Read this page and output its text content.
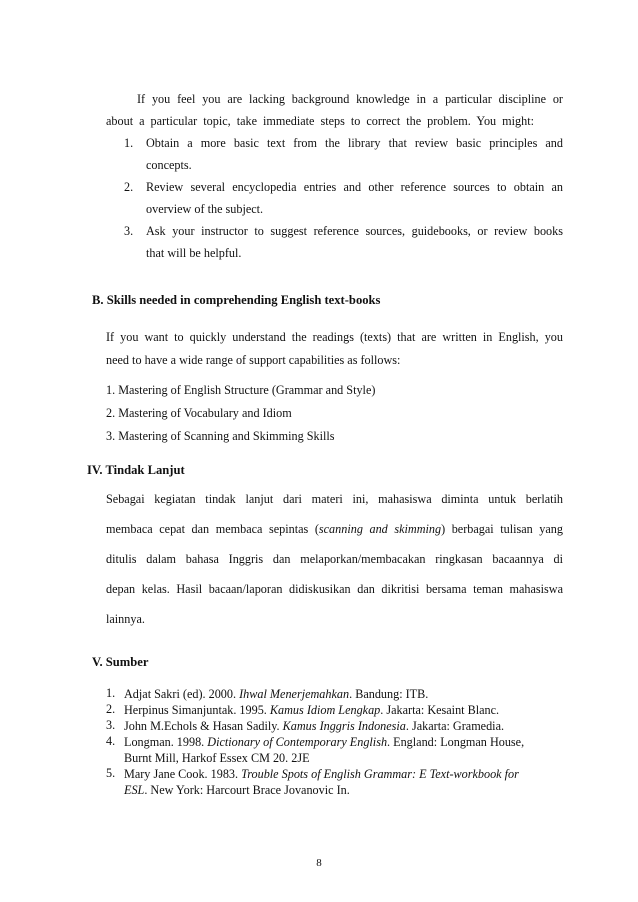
If you feel you are lacking background knowledge in a particular discipline or
about a particular topic, take immediate steps to correct the problem. You might:
1. Obtain a more basic text from the library that review basic principles and
concepts.
2. Review several encyclopedia entries and other reference sources to obtain an
overview of the subject.
3. Ask your instructor to suggest reference sources, guidebooks, or review books
that will be helpful.
B. Skills needed in comprehending English text-books
If you want to quickly understand the readings (texts) that are written in English, you
need to have a wide range of support capabilities as follows:
1. Mastering of English Structure (Grammar and Style)
2. Mastering of Vocabulary and Idiom
3. Mastering of Scanning and Skimming Skills
IV. Tindak Lanjut
Sebagai kegiatan tindak lanjut dari materi ini, mahasiswa diminta untuk berlatih
membaca cepat dan membaca sepintas (scanning and skimming) berbagai tulisan yang
ditulis dalam bahasa Inggris dan melaporkan/membacakan ringkasan bacaannya di
depan kelas. Hasil bacaan/laporan didiskusikan dan dikritisi bersama teman mahasiswa
lainnya.
V. Sumber
1. Adjat Sakri (ed). 2000. Ihwal Menerjemahkan. Bandung: ITB.
2. Herpinus Simanjuntak. 1995. Kamus Idiom Lengkap. Jakarta: Kesaint Blanc.
3. John M.Echols & Hasan Sadily. Kamus Inggris Indonesia. Jakarta: Gramedia.
4. Longman. 1998. Dictionary of Contemporary English. England: Longman House,
Burnt Mill, Harkof Essex CM 20. 2JE
5. Mary Jane Cook. 1983. Trouble Spots of English Grammar: E Text-workbook for
ESL. New York: Harcourt Brace Jovanovic In.
8
